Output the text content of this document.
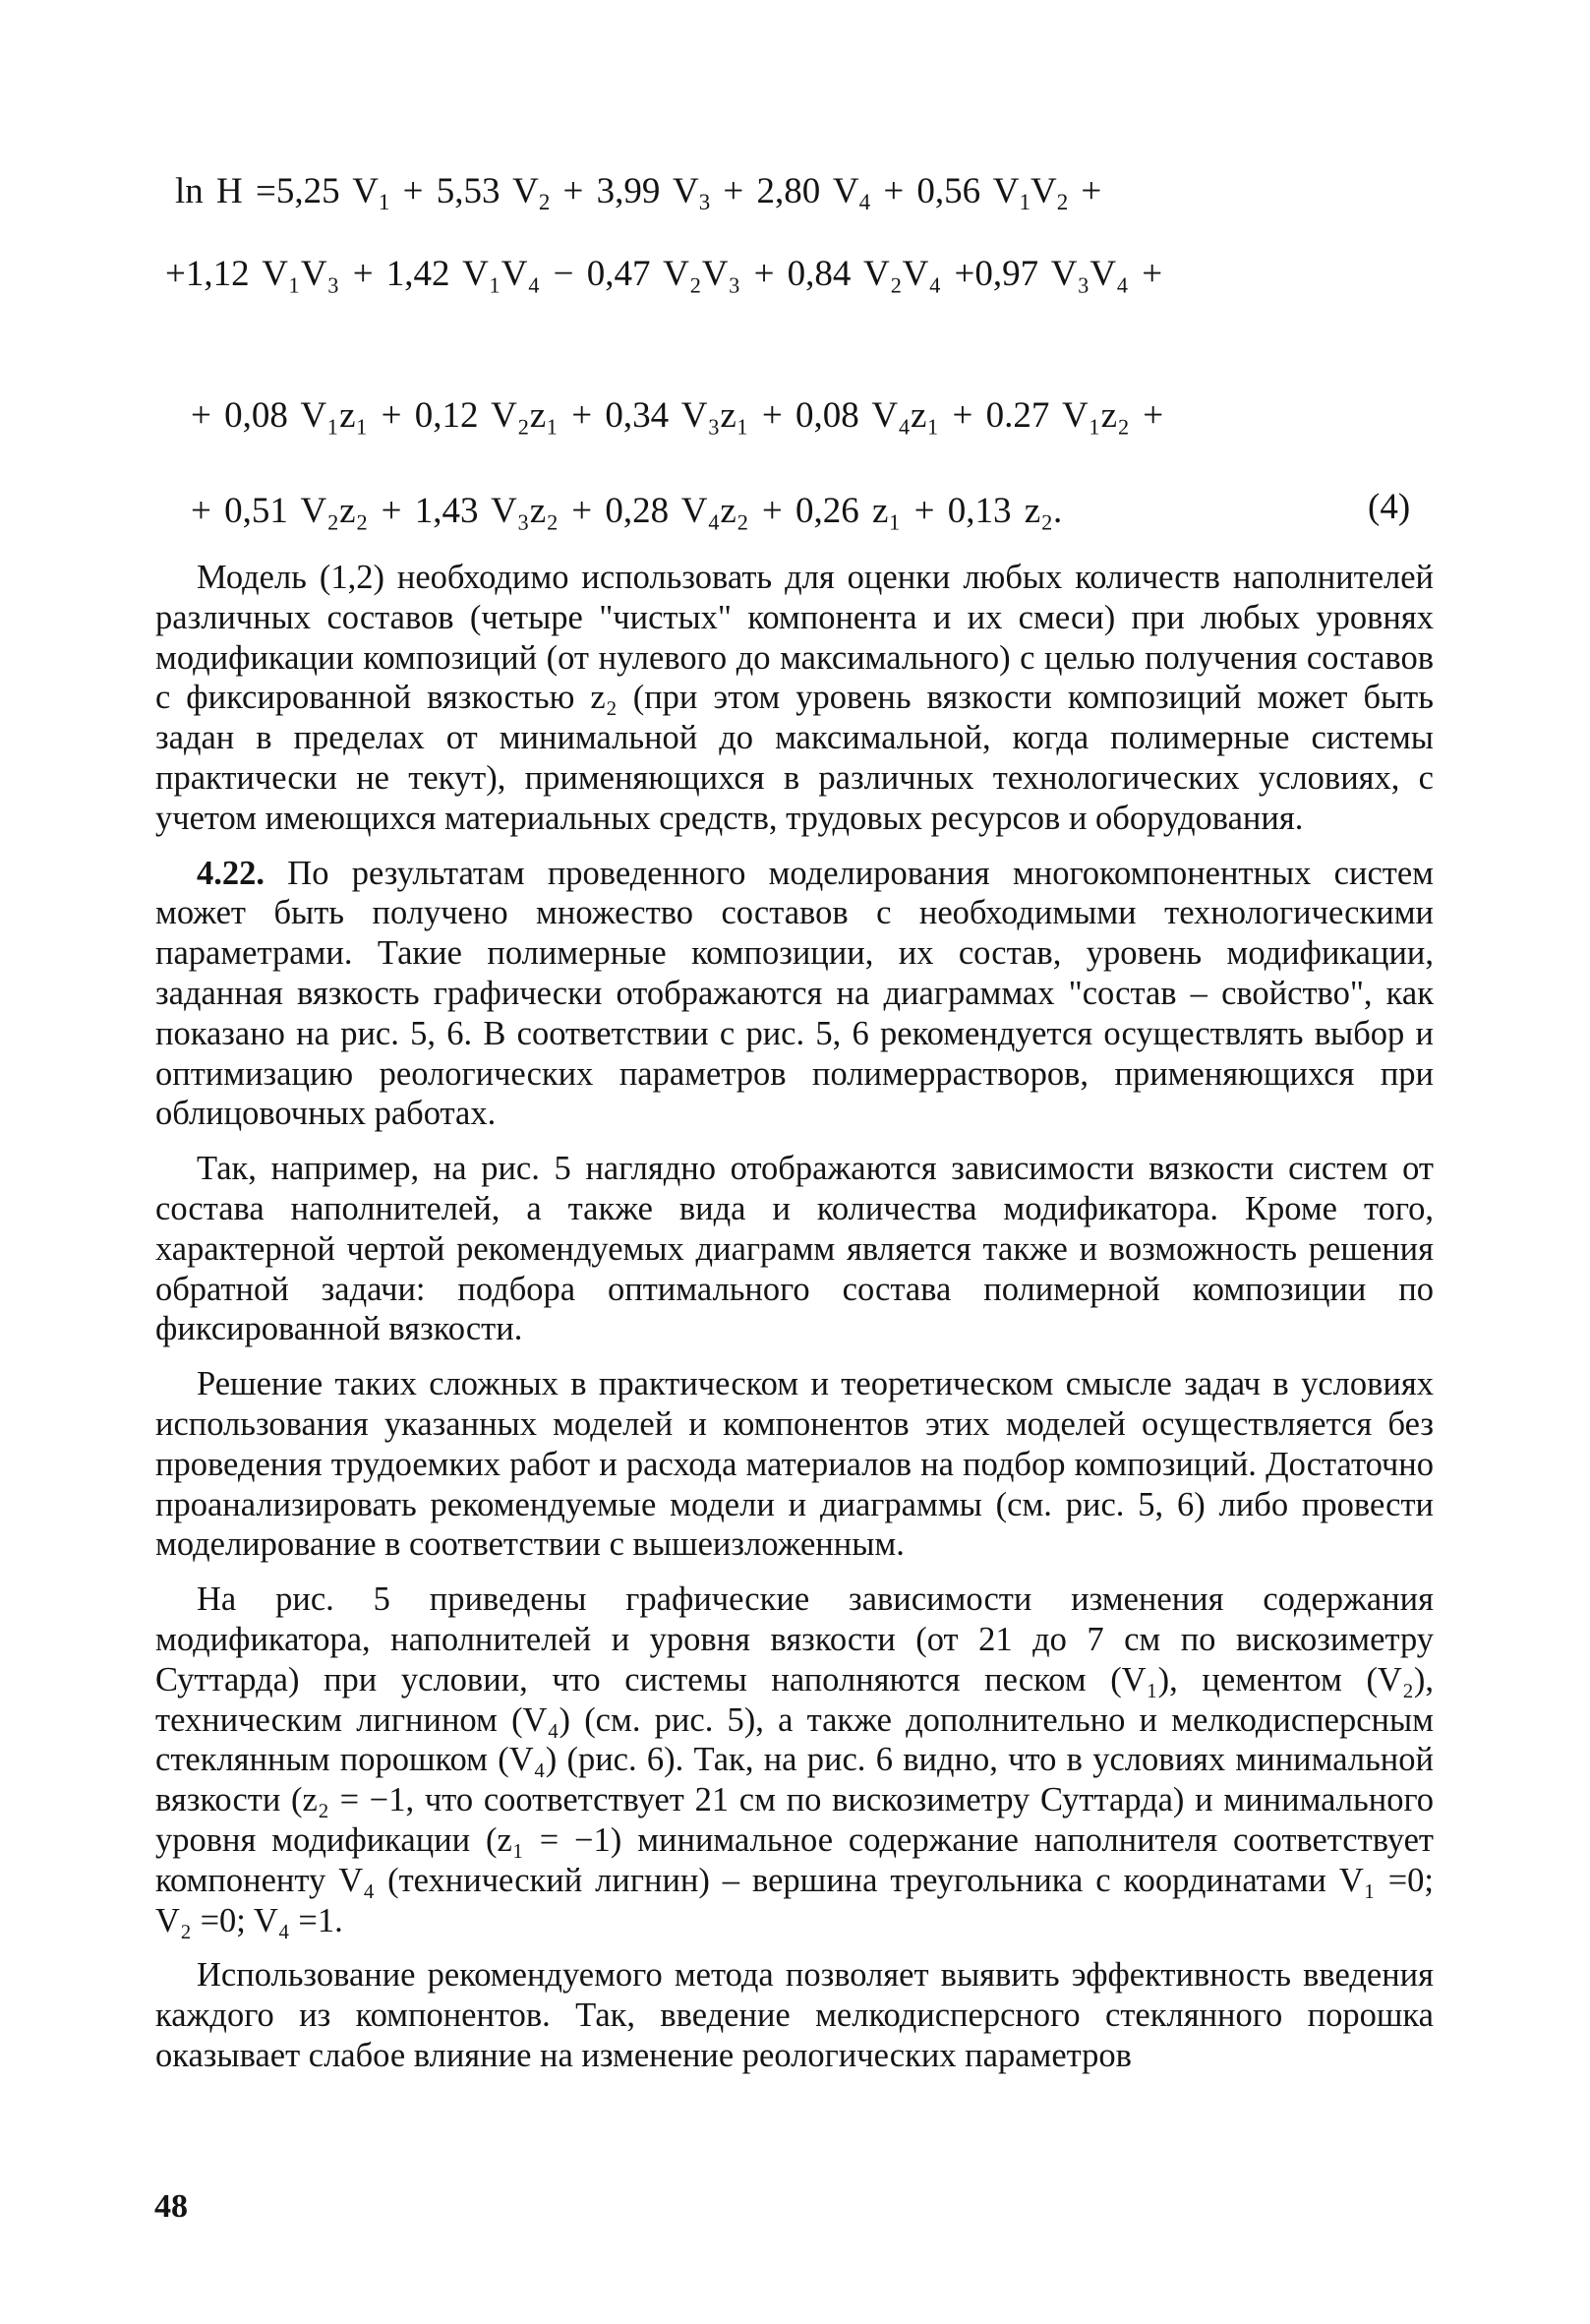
ln H =5,25 $V_1 + 5,53$ $V_2 + 3,99$ $V_3 + 2,80$ $V_4 + 0,56$ $V_1V_2$ +
+1,12 V₁V₃ + 1,42 V₁V₄ − 0,47 V₂V₃ + 0,84 V₂V₄ +0,97 V₃V₄ +
+ 0,08 V₁z₁ + 0,12 V₂z₁ + 0,34 V₃z₁ + 0,08 V₄z₁ + 0.27 V₁z₂ +
+ 0,51 V₂z₂ + 1,43 V₃z₂ + 0,28 V₄z₂ + 0,26 z₁ + 0,13 z₂.	(4)

Модель (1,2) необходимо использовать для оценки любых количеств наполнителей различных составов (четыре "чистых" компонента и их смеси) при любых уровнях модификации композиций (от нулевого до максимального) с целью получения составов с фиксированной вязкостью z₂ (при этом уровень вязкости композиций может быть задан в пределах от минимальной до максимальной, когда полимерные системы практически не текут), применяющихся в различных технологических условиях, с учетом имеющихся материальных средств, трудовых ресурсов и оборудования.

4.22. По результатам проведенного моделирования многокомпонентных систем может быть получено множество составов с необходимыми технологическими параметрами. Такие полимерные композиции, их состав, уровень модификации, заданная вязкость графически отображаются на диаграммах "состав – свойство", как показано на рис. 5, 6. В соответствии с рис. 5, 6 рекомендуется осуществлять выбор и оптимизацию реологических параметров полимеррастворов, применяющихся при облицовочных работах.

Так, например, на рис. 5 наглядно отображаются зависимости вязкости систем от состава наполнителей, а также вида и количества модификатора. Кроме того, характерной чертой рекомендуемых диаграмм является также и возможность решения обратной задачи: подбора оптимального состава полимерной композиции по фиксированной вязкости.

Решение таких сложных в практическом и теоретическом смысле задач в условиях использования указанных моделей и компонентов этих моделей осуществляется без проведения трудоемких работ и расхода материалов на подбор композиций. Достаточно проанализировать рекомендуемые модели и диаграммы (см. рис. 5, 6) либо провести моделирование в соответствии с вышеизложенным.

На рис. 5 приведены графические зависимости изменения содержания модификатора, наполнителей и уровня вязкости (от 21 до 7 см по вискозиметру Суттарда) при условии, что системы наполняются песком (V₁), цементом (V₂), техническим лигнином (V₄) (см. рис. 5), а также дополнительно и мелкодисперсным стеклянным порошком (V₄) (рис. 6). Так, на рис. 6 видно, что в условиях минимальной вязкости (z₂ = −1, что соответствует 21 см по вискозиметру Суттарда) и минимального уровня модификации (z₁ = −1) минимальное содержание наполнителя соответствует компоненту V₄ (технический лигнин) – вершина треугольника с координатами V₁ =0; V₂ =0; V₄ =1.

Использование рекомендуемого метода позволяет выявить эффективность введения каждого из компонентов. Так, введение мелкодисперсного стеклянного порошка оказывает слабое влияние на изменение реологических параметров

48
